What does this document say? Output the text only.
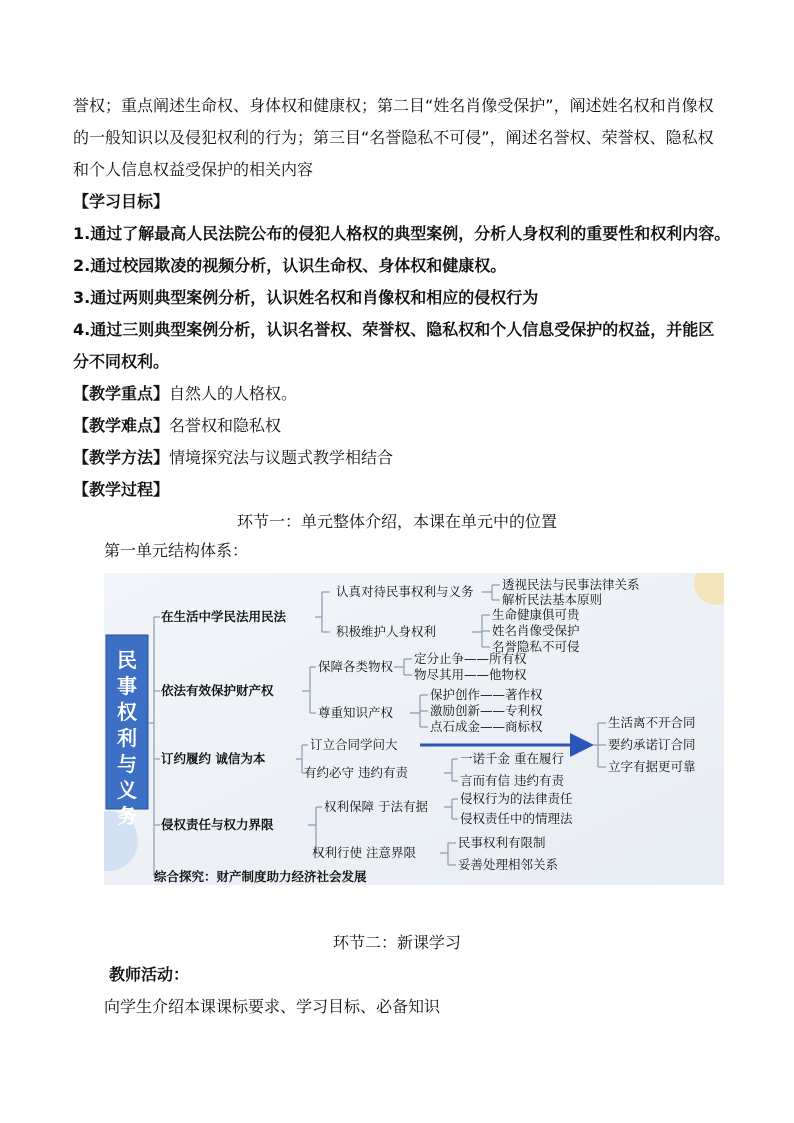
誉权；重点阐述生命权、身体权和健康权；第二目“姓名肖像受保护”，阐述姓名权和肖像权
的一般知识以及侵犯权利的行为；第三目“名誉隐私不可侵”，阐述名誉权、荣誉权、隐私权
和个人信息权益受保护的相关内容
【学习目标】
1.通过了解最高人民法院公布的侵犯人格权的典型案例，分析人身权利的重要性和权利内容。
2.通过校园欺凌的视频分析，认识生命权、身体权和健康权。
3.通过两则典型案例分析，认识姓名权和肖像权和相应的侵权行为
4.通过三则典型案例分析，认识名誉权、荣誉权、隐私权和个人信息受保护的权益，并能区
分不同权利。
【教学重点】自然人的人格权。
【教学难点】名誉权和隐私权
【教学方法】情境探究法与议题式教学相结合
【教学过程】
环节一：单元整体介绍，本课在单元中的位置
第一单元结构体系：
民事权利与义务
在生活中学民法用民法
认真对待民事权利与义务 透视民法与民事法律关系
解析民法基本原则
积极维护人身权利
生命健康俱可贵
姓名肖像受保护
名誉隐私不可侵
依法有效保护财产权
保障各类物权
定分止争——所有权
物尽其用——他物权
尊重知识产权
保护创作——著作权
激励创新——专利权
点石成金——商标权
订约履约 诚信为本
订立合同学问大
生活离不开合同
要约承诺订合同
立字有据更可靠
有约必守 违约有责
一诺千金 重在履行
言而有信 违约有责
侵权责任与权力界限
权利保障 于法有据
侵权行为的法律责任
侵权责任中的情理法
权利行使 注意界限
民事权利有限制
妥善处理相邻关系
综合探究：财产制度助力经济社会发展
环节二：新课学习
教师活动：
向学生介绍本课课标要求、学习目标、必备知识
